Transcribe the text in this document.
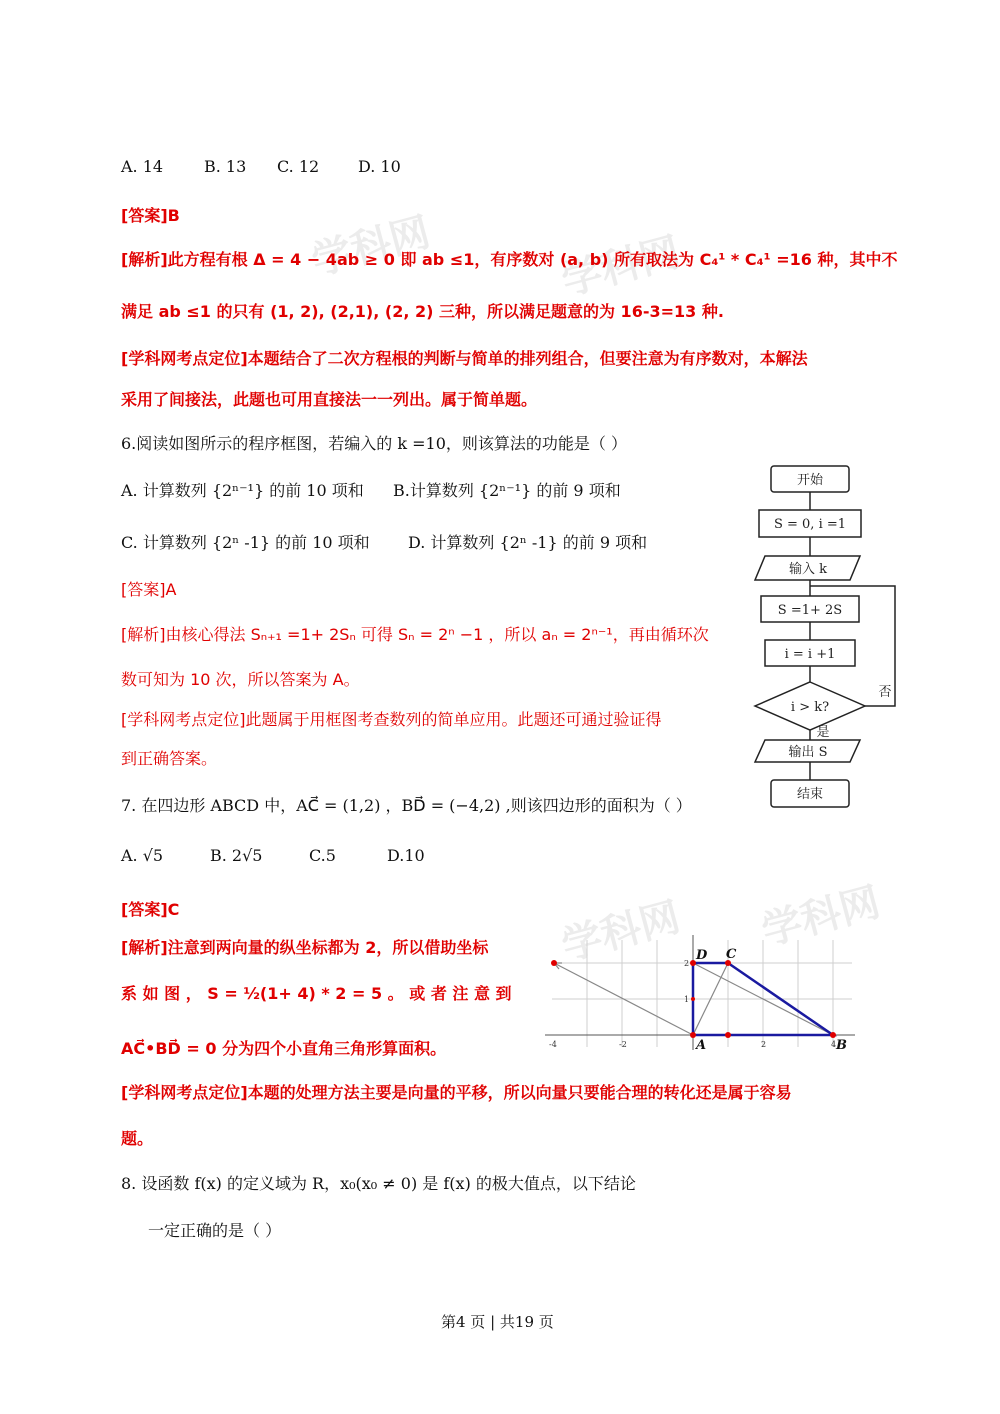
学科网	学科网
学科网 学科网
A. 14	B. 13 C. 12 D. 10
[答案]B
[解析]此方程有根 Δ = 4 − 4ab ≥ 0 即 ab ≤1，有序数对 (a, b) 所有取法为 C₄¹ * C₄¹ =16 种，其中不
满足 ab ≤1 的只有 (1, 2), (2,1), (2, 2) 三种，所以满足题意的为 16-3=13 种.
[学科网考点定位]本题结合了二次方程根的判断与简单的排列组合，但要注意为有序数对，本解法
采用了间接法，此题也可用直接法一一列出。属于简单题。
6.阅读如图所示的程序框图，若编入的 k =10，则该算法的功能是（ ）
A. 计算数列 {2ⁿ⁻¹} 的前 10 项和 B.计算数列 {2ⁿ⁻¹} 的前 9 项和
C. 计算数列 {2ⁿ -1} 的前 10 项和 D. 计算数列 {2ⁿ -1} 的前 9 项和
[答案]A
[解析]由核心得法 Sₙ₊₁ =1+ 2Sₙ 可得 Sₙ = 2ⁿ −1 ，所以 aₙ = 2ⁿ⁻¹，再由循环次
数可知为 10 次，所以答案为 A。
[学科网考点定位]此题属于用框图考查数列的简单应用。此题还可通过验证得
到正确答案。
开始
S = 0, i =1
输入 k
S =1+ 2S
i = i +1
i > k?
否
是
输出 S
结束
7. 在四边形 ABCD 中，AC⃗ = (1,2) ，BD⃗ = (−4,2) ,则该四边形的面积为（ ）
A. √5	B. 2√5	C.5	D.10
[答案]C
[解析]注意到两向量的纵坐标都为 2，所以借助坐标
系 如 图 ， S = ½(1+ 4) * 2 = 5 。 或 者 注 意 到
AC⃗•BD⃗ = 0 分为四个小直角三角形算面积。
[学科网考点定位]本题的处理方法主要是向量的平移，所以向量只要能合理的转化还是属于容易
题。
D C
A	B
-4	-2	2	4
2
1
8. 设函数 f(x) 的定义域为 R，x₀(x₀ ≠ 0) 是 f(x) 的极大值点，以下结论
一定正确的是（ ）
第4 页 | 共19 页
